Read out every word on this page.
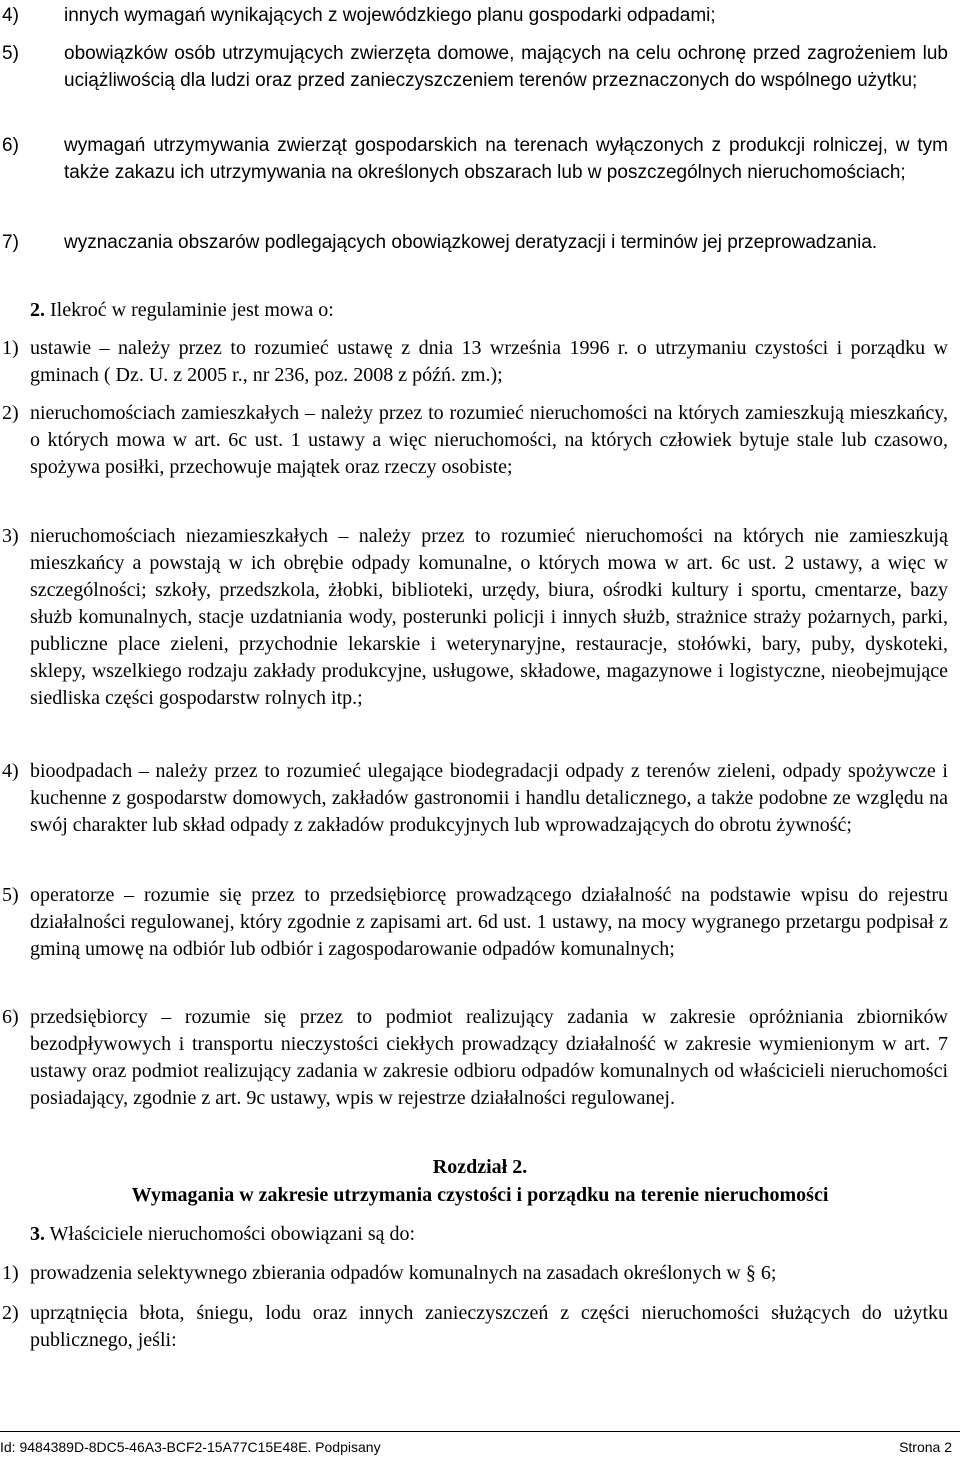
4)	innych wymagań wynikających z wojewódzkiego planu gospodarki odpadami;
5)	obowiązków osób utrzymujących zwierzęta domowe, mających na celu ochronę przed zagrożeniem lub uciążliwością dla ludzi oraz przed zanieczyszczeniem terenów przeznaczonych do wspólnego użytku;
6)	wymagań utrzymywania zwierząt gospodarskich na terenach wyłączonych z produkcji rolniczej, w tym także zakazu ich utrzymywania na określonych obszarach lub w poszczególnych nieruchomościach;
7)	wyznaczania obszarów podlegających obowiązkowej deratyzacji i terminów jej przeprowadzania.
2. Ilekroć w regulaminie jest mowa o:
1) ustawie – należy przez to rozumieć ustawę z dnia 13 września 1996 r. o utrzymaniu czystości i porządku w gminach ( Dz. U. z 2005 r., nr 236, poz. 2008 z późń. zm.);
2) nieruchomościach zamieszkałych – należy przez to rozumieć nieruchomości na których zamieszkują mieszkańcy, o których mowa w art. 6c ust. 1 ustawy a więc nieruchomości, na których człowiek bytuje stale lub czasowo, spożywa posiłki, przechowuje majątek oraz rzeczy osobiste;
3) nieruchomościach niezamieszkałych – należy przez to rozumieć nieruchomości na których nie zamieszkują mieszkańcy a powstają w ich obrębie odpady komunalne, o których mowa w art. 6c ust. 2 ustawy, a więc w szczególności; szkoły, przedszkola, żłobki, biblioteki, urzędy, biura, ośrodki kultury i sportu, cmentarze, bazy służb komunalnych, stacje uzdatniania wody, posterunki policji i innych służb, strażnice straży pożarnych, parki, publiczne place zieleni, przychodnie lekarskie i weterynaryjne, restauracje, stołówki, bary, puby, dyskoteki, sklepy, wszelkiego rodzaju zakłady produkcyjne, usługowe, składowe, magazynowe i logistyczne, nieobejmujące siedliska części gospodarstw rolnych itp.;
4) bioodpadach – należy przez to rozumieć ulegające biodegradacji odpady z terenów zieleni, odpady spożywcze i kuchenne z gospodarstw domowych, zakładów gastronomii i handlu detalicznego, a także podobne ze względu na swój charakter lub skład odpady z zakładów produkcyjnych lub wprowadzających do obrotu żywność;
5) operatorze – rozumie się przez to przedsiębiorcę prowadzącego działalność na podstawie wpisu do rejestru działalności regulowanej, który zgodnie z zapisami art. 6d ust. 1 ustawy, na mocy wygranego przetargu podpisał z gminą umowę na odbiór lub odbiór i zagospodarowanie odpadów komunalnych;
6) przedsiębiorcy – rozumie się przez to podmiot realizujący zadania w zakresie opróżniania zbiorników bezodpływowych i transportu nieczystości ciekłych prowadzący działalność w zakresie wymienionym w art. 7 ustawy oraz podmiot realizujący zadania w zakresie odbioru odpadów komunalnych od właścicieli nieruchomości posiadający, zgodnie z art. 9c ustawy, wpis w rejestrze działalności regulowanej.
Rozdział 2.
Wymagania w zakresie utrzymania czystości i porządku na terenie nieruchomości
3. Właściciele nieruchomości obowiązani są do:
1) prowadzenia selektywnego zbierania odpadów komunalnych na zasadach określonych w § 6;
2) uprzątnięcia błota, śniegu, lodu oraz innych zanieczyszczeń z części nieruchomości służących do użytku publicznego, jeśli:
Id: 9484389D-8DC5-46A3-BCF2-15A77C15E48E. Podpisany	Strona 2
